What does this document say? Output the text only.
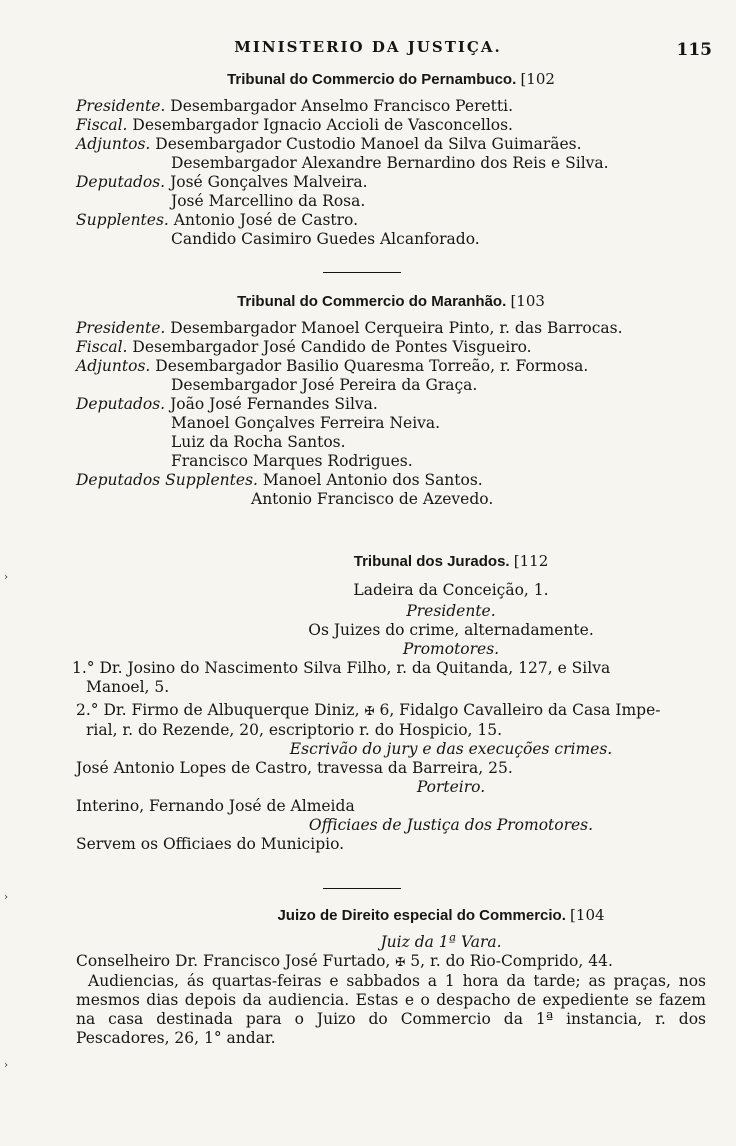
MINISTERIO DA JUSTIÇA.	115
Tribunal do Commercio do Pernambuco. [102
Presidente. Desembargador Anselmo Francisco Peretti.
Fiscal. Desembargador Ignacio Accioli de Vasconcellos.
Adjuntos. Desembargador Custodio Manoel da Silva Guimarães.
Desembargador Alexandre Bernardino dos Reis e Silva.
Deputados. José Gonçalves Malveira.
José Marcellino da Rosa.
Supplentes. Antonio José de Castro.
Candido Casimiro Guedes Alcanforado.
Tribunal do Commercio do Maranhão. [103
Presidente. Desembargador Manoel Cerqueira Pinto, r. das Barrocas.
Fiscal. Desembargador José Candido de Pontes Visgueiro.
Adjuntos. Desembargador Basilio Quaresma Torreão, r. Formosa.
Desembargador José Pereira da Graça.
Deputados. João José Fernandes Silva.
Manoel Gonçalves Ferreira Neiva.
Luiz da Rocha Santos.
Francisco Marques Rodrigues.
Deputados Supplentes. Manoel Antonio dos Santos.
Antonio Francisco de Azevedo.
Tribunal dos Jurados. [112
Ladeira da Conceição, 1.
Presidente.
Os Juizes do crime, alternadamente.
Promotores.
1.° Dr. Josino do Nascimento Silva Filho, r. da Quitanda, 127, e Silva
Manoel, 5.
2.° Dr. Firmo de Albuquerque Diniz, ✠ 6, Fidalgo Cavalleiro da Casa Impe-
rial, r. do Rezende, 20, escriptorio r. do Hospicio, 15.
Escrivão do jury e das execuções crimes.
José Antonio Lopes de Castro, travessa da Barreira, 25.
Porteiro.
Interino, Fernando José de Almeida
Officiaes de Justiça dos Promotores.
Servem os Officiaes do Municipio.
Juizo de Direito especial do Commercio. [104
Juiz da 1ª Vara.
Conselheiro Dr. Francisco José Furtado, ✠ 5, r. do Rio-Comprido, 44.
Audiencias, ás quartas-feiras e sabbados a 1 hora da tarde; as praças, nos mesmos dias depois da audiencia. Estas e o despacho de expediente se fazem na casa destinada para o Juizo do Commercio da 1ª instancia, r. dos Pescadores, 26, 1° andar.
›
›
›
